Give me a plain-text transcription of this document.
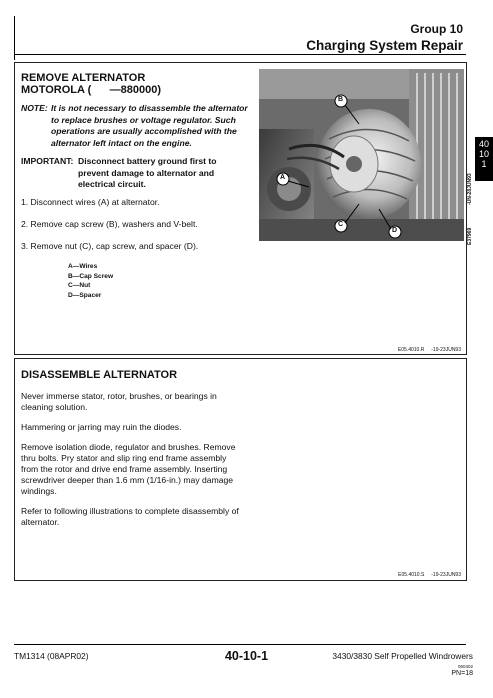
Group 10
Charging System Repair
REMOVE ALTERNATOR
MOTOROLA (      —880000)
NOTE: It is not necessary to disassemble the alternator
to replace brushes or voltage regulator. Such
operations are usually accomplished with the
alternator left intact on the engine.
IMPORTANT: Disconnect battery ground first to
prevent damage to alternator and
electrical circuit.
1. Disconnect wires (A) at alternator.
2. Remove cap screw (B), washers and V-belt.
3. Remove nut (C), cap screw, and spacer (D).
A—Wires
B—Cap Screw
C—Nut
D—Spacer
E05.4010.R     -19-23JUN93
B
A
C
D
-UN-28JUN93
E37969
40
10
1
DISASSEMBLE ALTERNATOR
Never immerse stator, rotor, brushes, or bearings in
cleaning solution.
Hammering or jarring may ruin the diodes.
Remove isolation diode, regulator and brushes. Remove
thru bolts. Pry stator and slip ring end frame assembly
from the rotor and drive end frame assembly. Inserting
screwdriver deeper than 1.6 mm (1/16-in.) may damage
windings.
Refer to following illustrations to complete disassembly of
alternator.
E05.4010.S     -19-23JUN93
TM1314 (08APR02)	40-10-1	3430/3830 Self Propelled Windrowers
060402
PN=18
